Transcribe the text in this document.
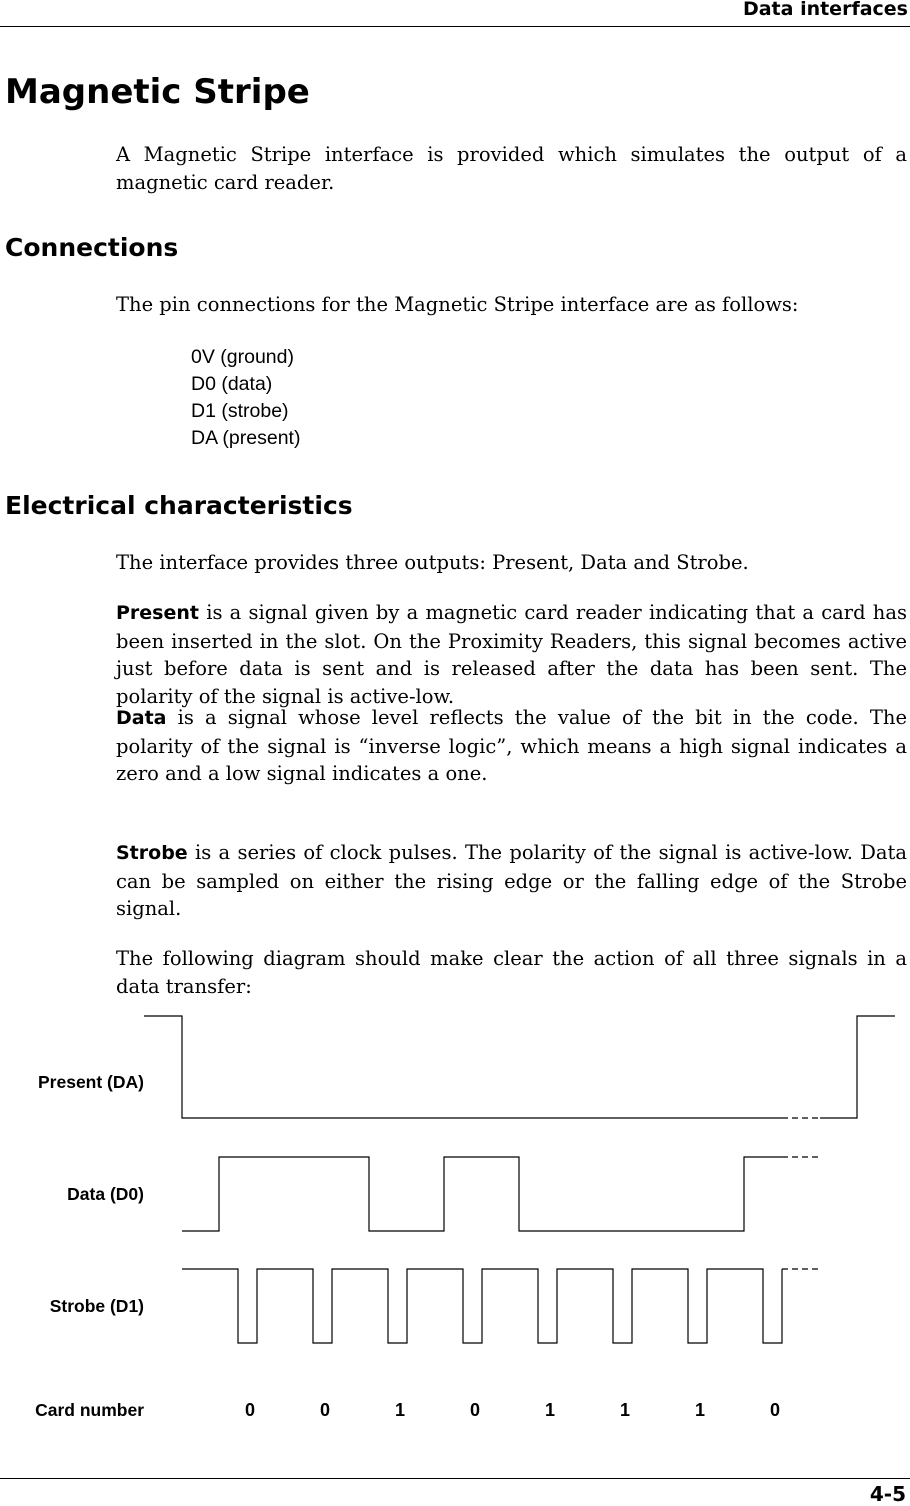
Data interfaces
Magnetic Stripe

A Magnetic Stripe interface is provided which simulates the output of a magnetic card reader.

Connections

The pin connections for the Magnetic Stripe interface are as follows:

0V (ground)
D0 (data)
D1 (strobe)
DA (present)
Electrical characteristics

The interface provides three outputs: Present, Data and Strobe.

Present is a signal given by a magnetic card reader indicating that a card has been inserted in the slot. On the Proximity Readers, this signal becomes active just before data is sent and is released after the data has been sent. The polarity of the signal is active-low.

Data is a signal whose level reflects the value of the bit in the code. The polarity of the signal is “inverse logic”, which means a high signal indicates a zero and a low signal indicates a one.

Strobe is a series of clock pulses. The polarity of the signal is active-low. Data can be sampled on either the rising edge or the falling edge of the Strobe signal.

The following diagram should make clear the action of all three signals in a data transfer:

Present (DA)
Data (D0)
Strobe (D1)
Card number	0	0	1	0	1	1	1	0
4-5
